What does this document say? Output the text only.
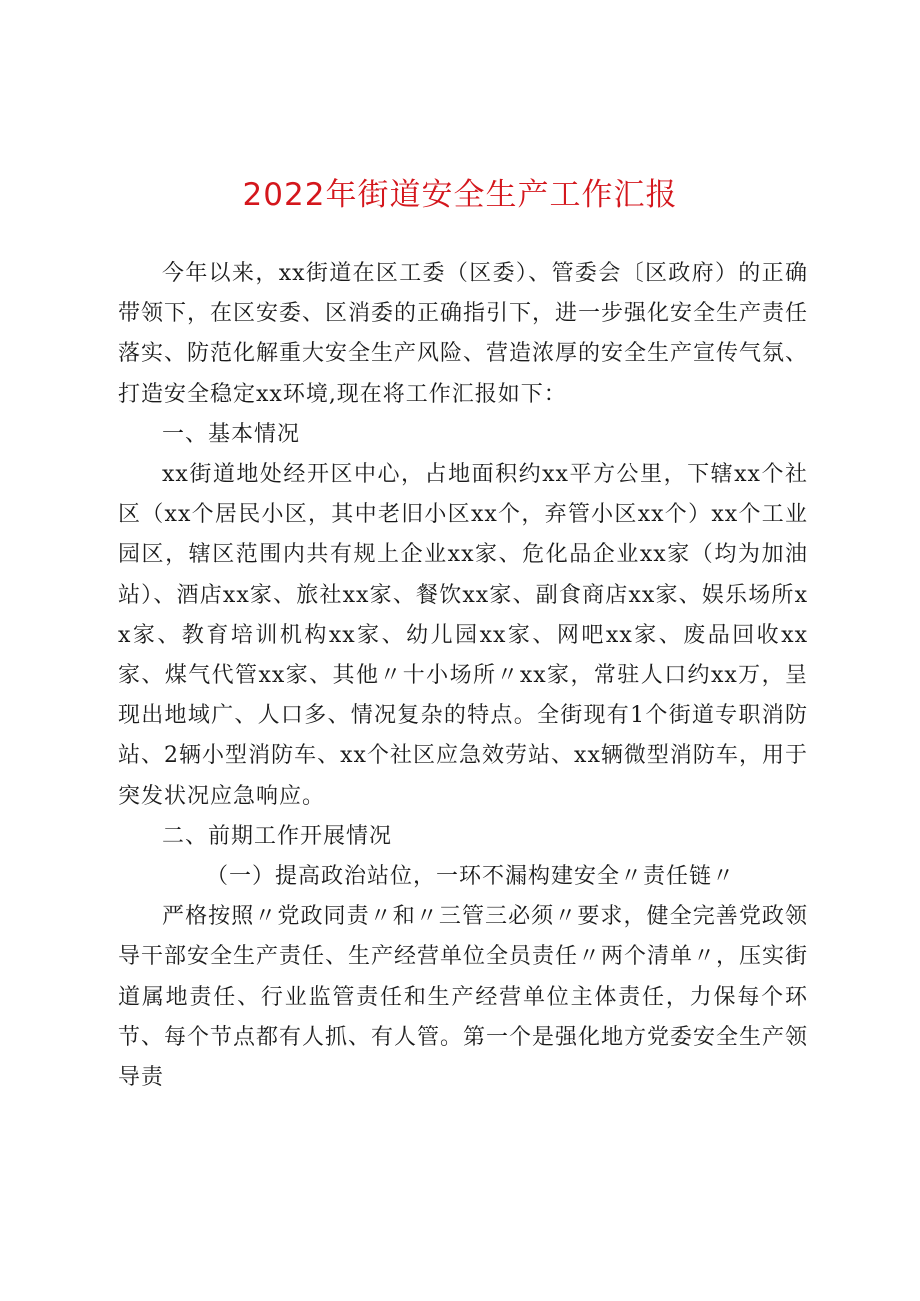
2022年街道安全生产工作汇报

今年以来，xx街道在区工委（区委）、管委会〔区政府）的正确带领下，在区安委、区消委的正确指引下，进一步强化安全生产责任落实、防范化解重大安全生产风险、营造浓厚的安全生产宣传气氛、打造安全稳定xx环境,现在将工作汇报如下：

一、基本情况

xx街道地处经开区中心，占地面积约xx平方公里，下辖xx个社区（xx个居民小区，其中老旧小区xx个，弃管小区xx个）xx个工业园区，辖区范围内共有规上企业xx家、危化品企业xx家（均为加油站）、酒店xx家、旅社xx家、餐饮xx家、副食商店xx家、娱乐场所xx家、教育培训机构xx家、幼儿园xx家、网吧xx家、废品回收xx家、煤气代管xx家、其他〃十小场所〃xx家，常驻人口约xx万，呈现出地域广、人口多、情况复杂的特点。全街现有1个街道专职消防站、2辆小型消防车、xx个社区应急效劳站、xx辆微型消防车，用于突发状况应急响应。

二、前期工作开展情况

（一）提高政治站位，一环不漏构建安全〃责任链〃

严格按照〃党政同责〃和〃三管三必须〃要求，健全完善党政领导干部安全生产责任、生产经营单位全员责任〃两个清单〃，压实街道属地责任、行业监管责任和生产经营单位主体责任，力保每个环节、每个节点都有人抓、有人管。第一个是强化地方党委安全生产领导责
